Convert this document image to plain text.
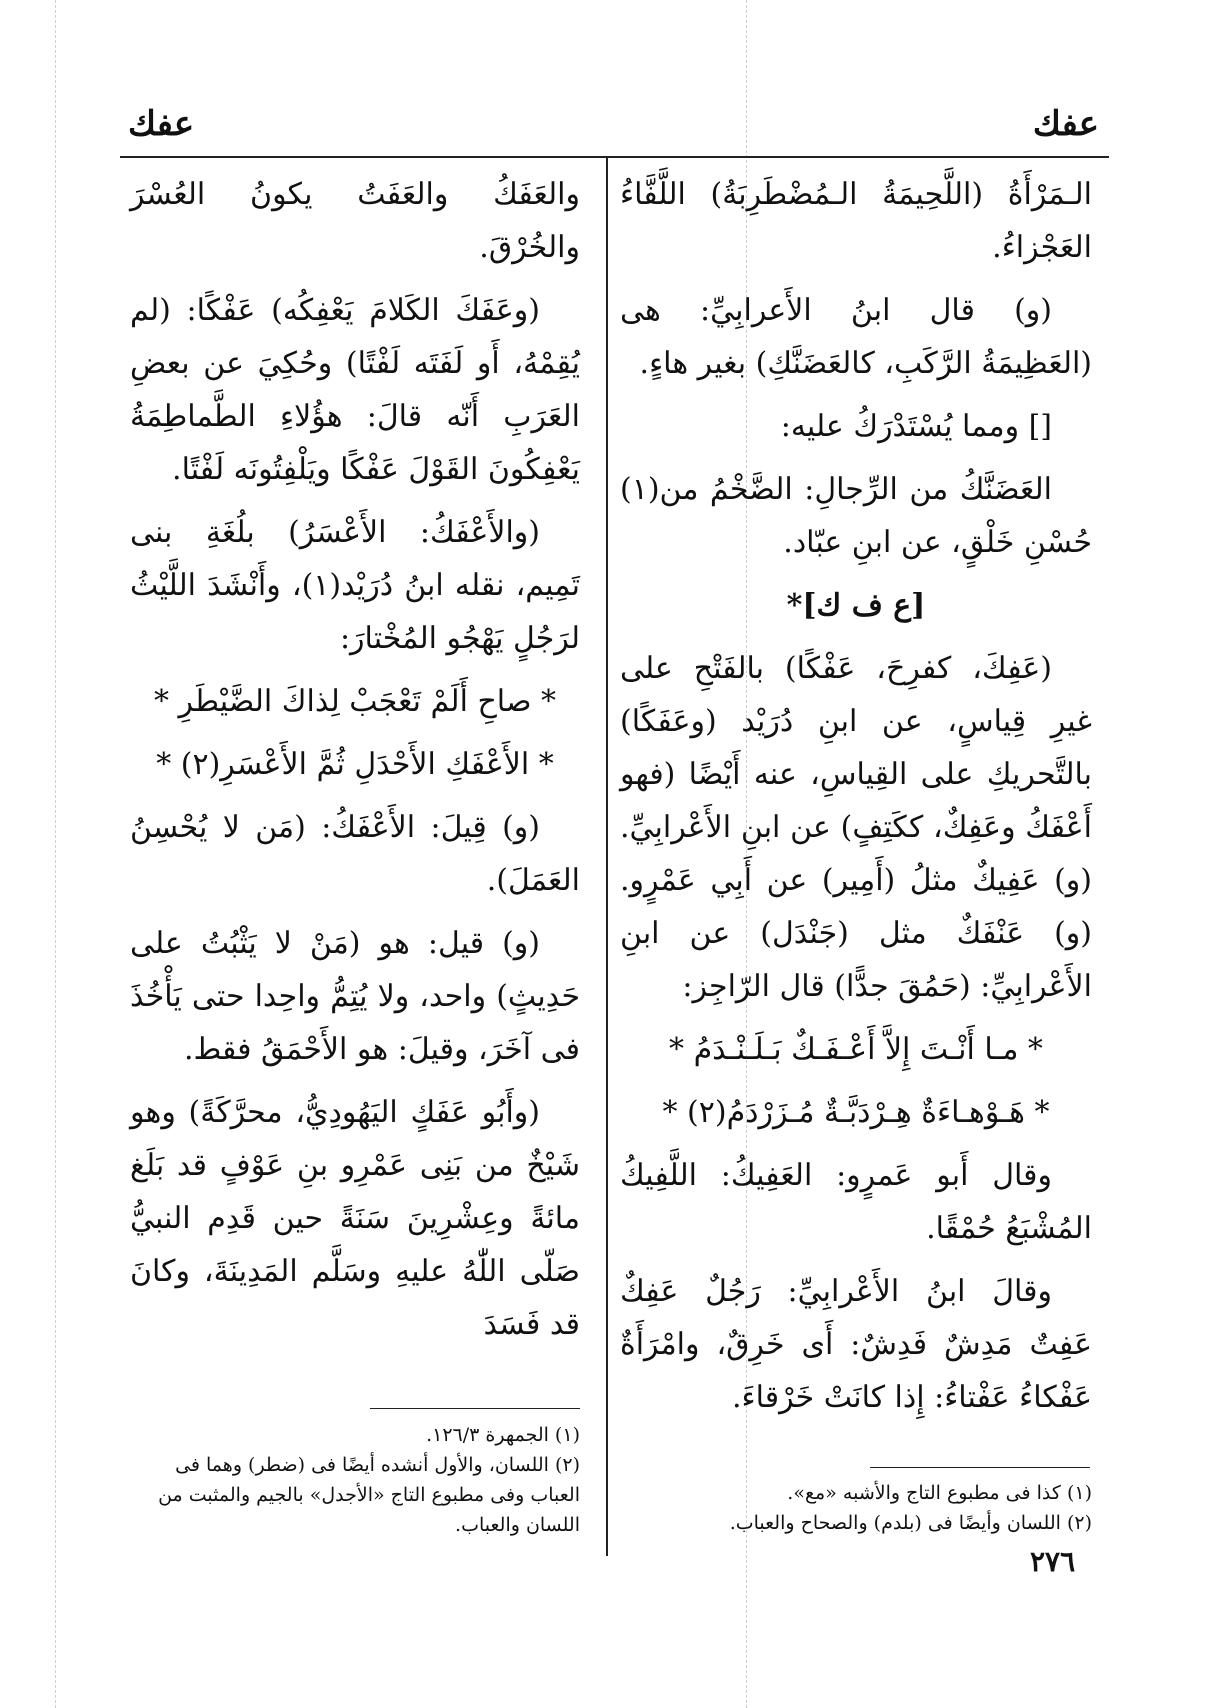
عفك
عفك

الـمَرْأَةُ (اللَّحِيمَةُ الـمُضْطَرِبَةُ) اللَّفَّاءُ العَجْزاءُ.

(و) قال ابنُ الأَعرابِيِّ: هى (العَظِيمَةُ الرَّكَبِ، كالعَضَنَّكِ) بغير هاءٍ.

[] ومما يُسْتَدْرَكُ عليه:

العَضَنَّكُ من الرِّجالِ: الضَّخْمُ من(١) حُسْنِ خَلْقٍ، عن ابنِ عبّاد.

[ع ف ك]*

(عَفِكَ، كفرِحَ، عَفْكًا) بالفَتْحِ على غيرِ قِياسٍ، عن ابنِ دُرَيْد (وعَفَكًا) بالتَّحريكِ على القِياسِ، عنه أَيْضًا (فهو أَعْفَكُ وعَفِكٌ، ككَتِفٍ) عن ابنِ الأَعْرابِيِّ. (و) عَفِيكٌ مثلُ (أَمِير) عن أَبِي عَمْرٍو. (و) عَنْفَكٌ مثل (جَنْدَل) عن ابنِ الأَعْرابِيِّ: (حَمُقَ جدًّا) قال الرّاجِز:

* مـا أَنْـتَ إِلاَّ أَعْـفَـكٌ بَـلَـنْـدَمُ *

* هَـوْهـاءَةٌ هِـرْدَبَّـةٌ مُـزَرْدَمُ(٢) *

وقال أَبو عَمرٍو: العَفِيكُ: اللَّفِيكُ المُشْبَعُ حُمْقًا.

وقالَ ابنُ الأَعْرابِيِّ: رَجُلٌ عَفِكٌ عَفِتٌ مَدِشٌ فَدِشٌ: أَى خَرِقٌ، وامْرَأَةٌ عَفْكاءُ عَفْتاءُ: إِذا كانَتْ خَرْقاءَ.

والعَفَكُ والعَفَتُ يكونُ العُسْرَ والخُرْقَ.

(وعَفَكَ الكَلامَ يَعْفِكُه) عَفْكًا: (لم يُقِمْهُ، أَو لَفَتَه لَفْتًا) وحُكِيَ عن بعضِ العَرَبِ أَنّه قالَ: هؤُلاءِ الطَّماطِمَةُ يَعْفِكُونَ القَوْلَ عَفْكًا ويَلْفِتُونَه لَفْتًا.

(والأَعْفَكُ: الأَعْسَرُ) بلُغَةِ بنى تَمِيم، نقله ابنُ دُرَيْد(١)، وأَنْشَدَ اللَّيْثُ لرَجُلٍ يَهْجُو المُخْتارَ:

* صاحِ أَلَمْ تَعْجَبْ لِذاكَ الضَّيْطَرِ *

* الأَعْفَكِ الأَحْدَلِ ثُمَّ الأَعْسَرِ(٢) *

(و) قِيلَ: الأَعْفَكُ: (مَن لا يُحْسِنُ العَمَلَ).

(و) قيل: هو (مَنْ لا يَثْبُتُ على حَدِيثٍ) واحد، ولا يُتِمُّ واحِدا حتى يَأْخُذَ فى آخَرَ، وقيلَ: هو الأَحْمَقُ فقط.

(وأَبُو عَفَكٍ اليَهُودِيُّ، محرَّكَةً) وهو شَيْخٌ من بَنِى عَمْرِو بنِ عَوْفٍ قد بَلَغ مائةً وعِشْرِينَ سَنَةً حين قَدِم النبيُّ صَلّى اللّٰهُ عليهِ وسَلَّم المَدِينَةَ، وكانَ قد فَسَدَ

(١) كذا فى مطبوع التاج والأشبه «مع».
(٢) اللسان وأيضًا فى (بلدم) والصحاح والعباب.
(١) الجمهرة ١٢٦/٣.
(٢) اللسان، والأول أنشده أيضًا فى (ضطر) وهما فى العباب وفى مطبوع التاج «الأجدل» بالجيم والمثبت من اللسان والعباب.
٢٧٦
